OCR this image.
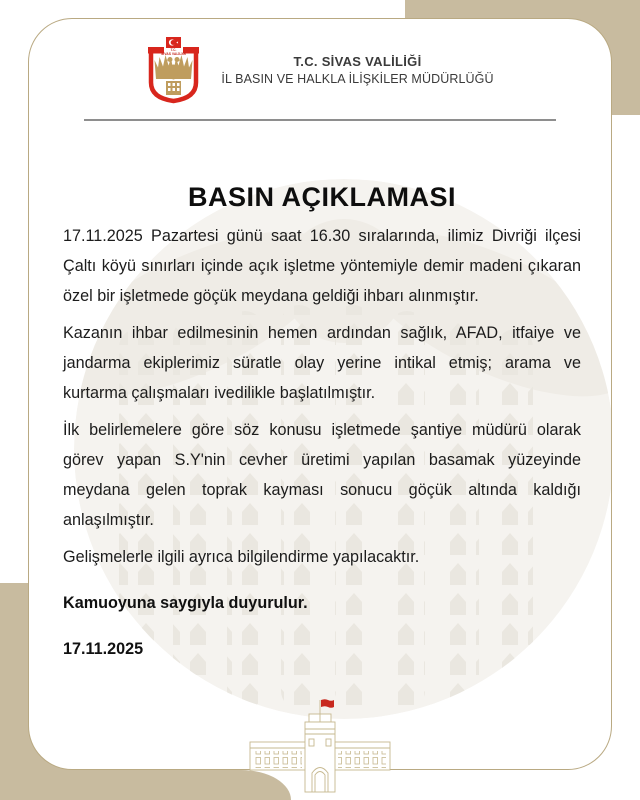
T.C.
SİVAS VALİLİĞİ	T.C. SİVAS VALİLİĞİ
İL BASIN VE HALKLA İLİŞKİLER MÜDÜRLÜĞÜ
BASIN AÇIKLAMASI

17.11.2025 Pazartesi günü saat 16.30 sıralarında, ilimiz Divriği ilçesi Çaltı köyü sınırları içinde açık işletme yöntemiyle demir madeni çıkaran özel bir işletmede göçük meydana geldiği ihbarı alınmıştır.

Kazanın ihbar edilmesinin hemen ardından sağlık, AFAD, itfaiye ve jandarma ekiplerimiz süratle olay yerine intikal etmiş; arama ve kurtarma çalışmaları ivedilikle başlatılmıştır.

İlk belirlemelere göre söz konusu işletmede şantiye müdürü olarak görev yapan S.Y'nin cevher üretimi yapılan basamak yüzeyinde meydana gelen toprak kayması sonucu göçük altında kaldığı anlaşılmıştır.

Gelişmelerle ilgili ayrıca bilgilendirme yapılacaktır.

Kamuoyuna saygıyla duyurulur.

17.11.2025
